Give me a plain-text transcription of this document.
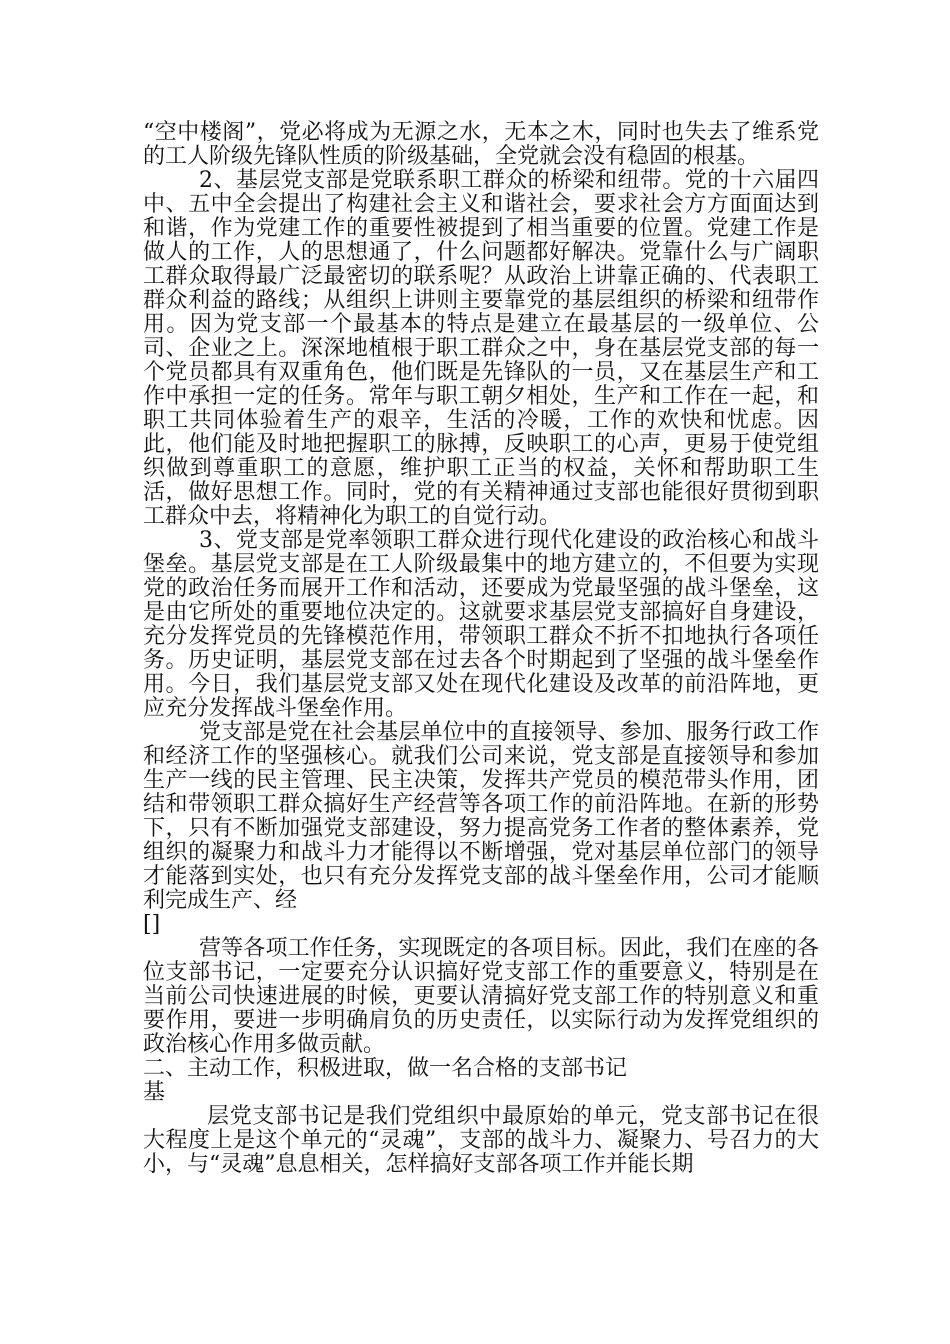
“空中楼阁”，党必将成为无源之水，无本之木，同时也失去了维系党的工人阶级先锋队性质的阶级基础，全党就会没有稳固的根基。

2、基层党支部是党联系职工群众的桥梁和纽带。党的十六届四中、五中全会提出了构建社会主义和谐社会，要求社会方方面面达到和谐，作为党建工作的重要性被提到了相当重要的位置。党建工作是做人的工作，人的思想通了，什么问题都好解决。党靠什么与广阔职工群众取得最广泛最密切的联系呢？从政治上讲靠正确的、代表职工群众利益的路线；从组织上讲则主要靠党的基层组织的桥梁和纽带作用。因为党支部一个最基本的特点是建立在最基层的一级单位、公司、企业之上。深深地植根于职工群众之中，身在基层党支部的每一个党员都具有双重角色，他们既是先锋队的一员，又在基层生产和工作中承担一定的任务。常年与职工朝夕相处，生产和工作在一起，和职工共同体验着生产的艰辛，生活的冷暖，工作的欢快和忧虑。因此，他们能及时地把握职工的脉搏，反映职工的心声，更易于使党组织做到尊重职工的意愿，维护职工正当的权益，关怀和帮助职工生活，做好思想工作。同时，党的有关精神通过支部也能很好贯彻到职工群众中去，将精神化为职工的自觉行动。

3、党支部是党率领职工群众进行现代化建设的政治核心和战斗堡垒。基层党支部是在工人阶级最集中的地方建立的，不但要为实现党的政治任务而展开工作和活动，还要成为党最坚强的战斗堡垒，这是由它所处的重要地位决定的。这就要求基层党支部搞好自身建设，充分发挥党员的先锋模范作用，带领职工群众不折不扣地执行各项任务。历史证明，基层党支部在过去各个时期起到了坚强的战斗堡垒作用。今日，我们基层党支部又处在现代化建设及改革的前沿阵地，更应充分发挥战斗堡垒作用。

党支部是党在社会基层单位中的直接领导、参加、服务行政工作和经济工作的坚强核心。就我们公司来说，党支部是直接领导和参加生产一线的民主管理、民主决策，发挥共产党员的模范带头作用，团结和带领职工群众搞好生产经营等各项工作的前沿阵地。在新的形势下，只有不断加强党支部建设，努力提高党务工作者的整体素养，党组织的凝聚力和战斗力才能得以不断增强，党对基层单位部门的领导才能落到实处，也只有充分发挥党支部的战斗堡垒作用，公司才能顺利完成生产、经

[]

营等各项工作任务，实现既定的各项目标。因此，我们在座的各位支部书记，一定要充分认识搞好党支部工作的重要意义，特别是在当前公司快速进展的时候，更要认清搞好党支部工作的特别意义和重要作用，要进一步明确肩负的历史责任，以实际行动为发挥党组织的政治核心作用多做贡献。

二、主动工作，积极进取，做一名合格的支部书记

基

层党支部书记是我们党组织中最原始的单元，党支部书记在很大程度上是这个单元的“灵魂”，支部的战斗力、凝聚力、号召力的大小，与“灵魂”息息相关，怎样搞好支部各项工作并能长期
